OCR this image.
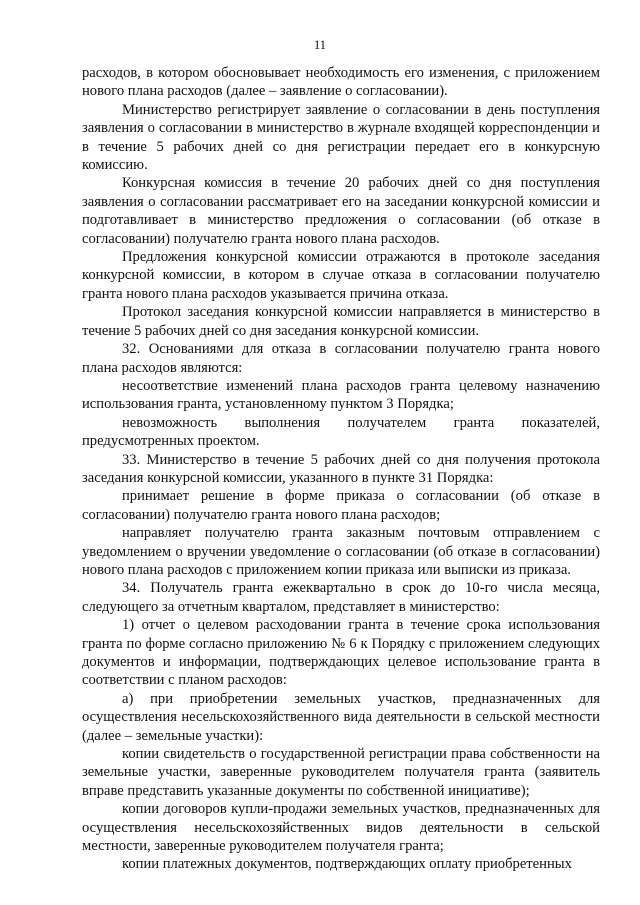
11

расходов, в котором обосновывает необходимость его изменения, с приложением нового плана расходов (далее – заявление о согласовании).

Министерство регистрирует заявление о согласовании в день поступления заявления о согласовании в министерство в журнале входящей корреспонденции и в течение 5 рабочих дней со дня регистрации передает его в конкурсную комиссию.

Конкурсная комиссия в течение 20 рабочих дней со дня поступления заявления о согласовании рассматривает его на заседании конкурсной комиссии и подготавливает в министерство предложения о согласовании (об отказе в согласовании) получателю гранта нового плана расходов.

Предложения конкурсной комиссии отражаются в протоколе заседания конкурсной комиссии, в котором в случае отказа в согласовании получателю гранта нового плана расходов указывается причина отказа.

Протокол заседания конкурсной комиссии направляется в министерство в течение 5 рабочих дней со дня заседания конкурсной комиссии.

32. Основаниями для отказа в согласовании получателю гранта нового плана расходов являются:

несоответствие изменений плана расходов гранта целевому назначению использования гранта, установленному пунктом 3 Порядка;

невозможность выполнения получателем гранта показателей, предусмотренных проектом.

33. Министерство в течение 5 рабочих дней со дня получения протокола заседания конкурсной комиссии, указанного в пункте 31 Порядка:

принимает решение в форме приказа о согласовании (об отказе в согласовании) получателю гранта нового плана расходов;

направляет получателю гранта заказным почтовым отправлением с уведомлением о вручении уведомление о согласовании (об отказе в согласовании) нового плана расходов с приложением копии приказа или выписки из приказа.

34. Получатель гранта ежеквартально в срок до 10-го числа месяца, следующего за отчетным кварталом, представляет в министерство:

1) отчет о целевом расходовании гранта в течение срока использования гранта по форме согласно приложению № 6 к Порядку с приложением следующих документов и информации, подтверждающих целевое использование гранта в соответствии с планом расходов:

а) при приобретении земельных участков, предназначенных для осуществления несельскохозяйственного вида деятельности в сельской местности (далее – земельные участки):

копии свидетельств о государственной регистрации права собственности на земельные участки, заверенные руководителем получателя гранта (заявитель вправе представить указанные документы по собственной инициативе);

копии договоров купли-продажи земельных участков, предназначенных для осуществления несельскохозяйственных видов деятельности в сельской местности, заверенные руководителем получателя гранта;

копии платежных документов, подтверждающих оплату приобретенных
